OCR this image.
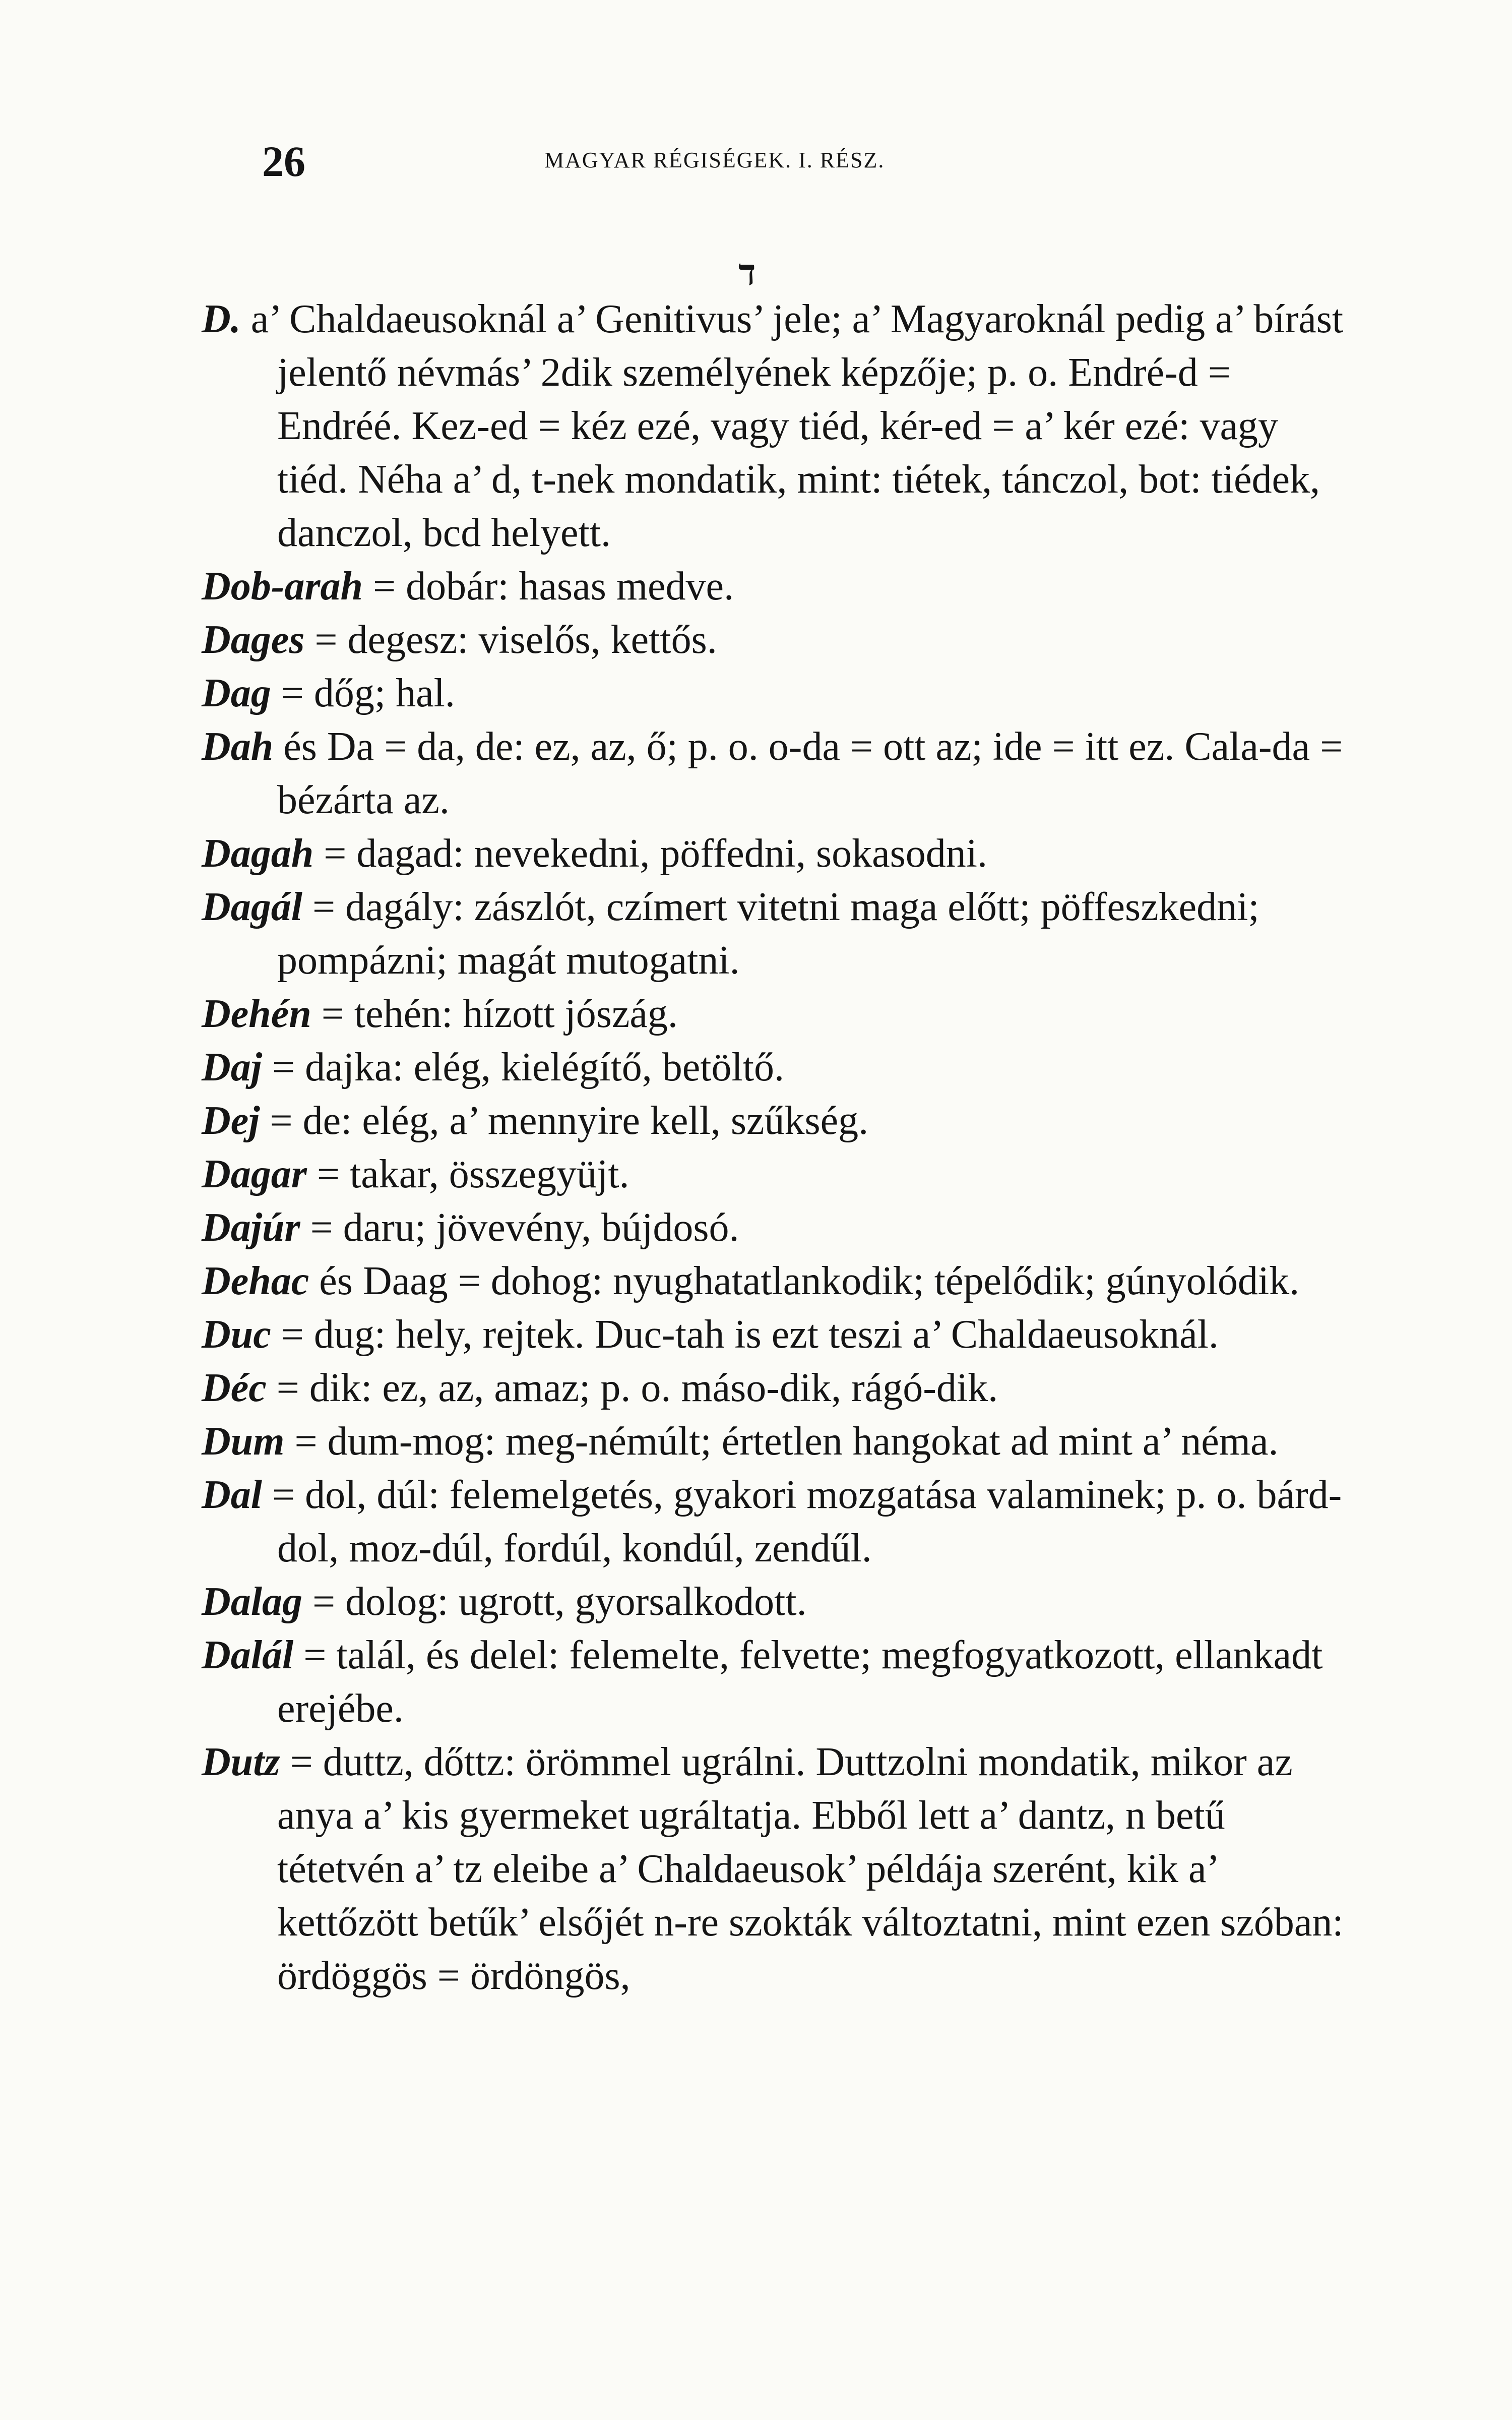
26	MAGYAR RÉGISÉGEK. I. RÉSZ.
ד

D. a’ Chaldaeusoknál a’ Genitivus’ jele; a’ Magyaroknál pedig a’ bírást jelentő névmás’ 2dik személyének képzője; p. o. Endré-d = Endréé. Kez-ed = kéz ezé, vagy tiéd, kér-ed = a’ kér ezé: vagy tiéd. Néha a’ d, t-nek mondatik, mint: tiétek, tánczol, bot: tiédek, danczol, bcd helyett.

Dob-arah = dobár: hasas medve.

Dages = degesz: viselős, kettős.

Dag = dőg; hal.

Dah és Da = da, de: ez, az, ő; p. o. o-da = ott az; ide = itt ez. Cala-da = bézárta az.

Dagah = dagad: nevekedni, pöffedni, sokasodni.

Dagál = dagály: zászlót, czímert vitetni maga előtt; pöffeszkedni; pompázni; magát mutogatni.

Dehén = tehén: hízott jószág.

Daj = dajka: elég, kielégítő, betöltő.

Dej = de: elég, a’ mennyire kell, szűkség.

Dagar = takar, összegyüjt.

Dajúr = daru; jövevény, bújdosó.

Dehac és Daag = dohog: nyughatatlankodik; tépelődik; gúnyolódik.

Duc = dug: hely, rejtek. Duc-tah is ezt teszi a’ Chaldaeusoknál.

Déc = dik: ez, az, amaz; p. o. máso-dik, rágó-dik.

Dum = dum-mog: meg-némúlt; értetlen hangokat ad mint a’ néma.

Dal = dol, dúl: felemelgetés, gyakori mozgatása valaminek; p. o. bárd-dol, moz-dúl, fordúl, kondúl, zendűl.

Dalag = dolog: ugrott, gyorsalkodott.

Dalál = talál, és delel: felemelte, felvette; megfogyatkozott, ellankadt erejébe.

Dutz = duttz, dőttz: örömmel ugrálni. Duttzolni mondatik, mikor az anya a’ kis gyermeket ugráltatja. Ebből lett a’ dantz, n betű tétetvén a’ tz eleibe a’ Chaldaeusok’ példája szerént, kik a’ kettőzött betűk’ elsőjét n-re szokták változtatni, mint ezen szóban: ördöggös = ördöngös,
